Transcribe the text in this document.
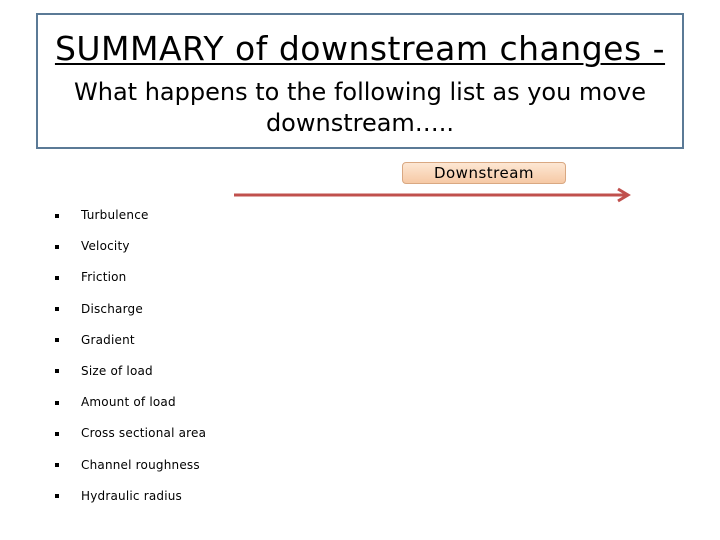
SUMMARY of downstream changes -
What happens to the following list as you move downstream…..
Downstream
Turbulence
Velocity
Friction
Discharge
Gradient
Size of load
Amount of load
Cross sectional area
Channel roughness
Hydraulic radius
